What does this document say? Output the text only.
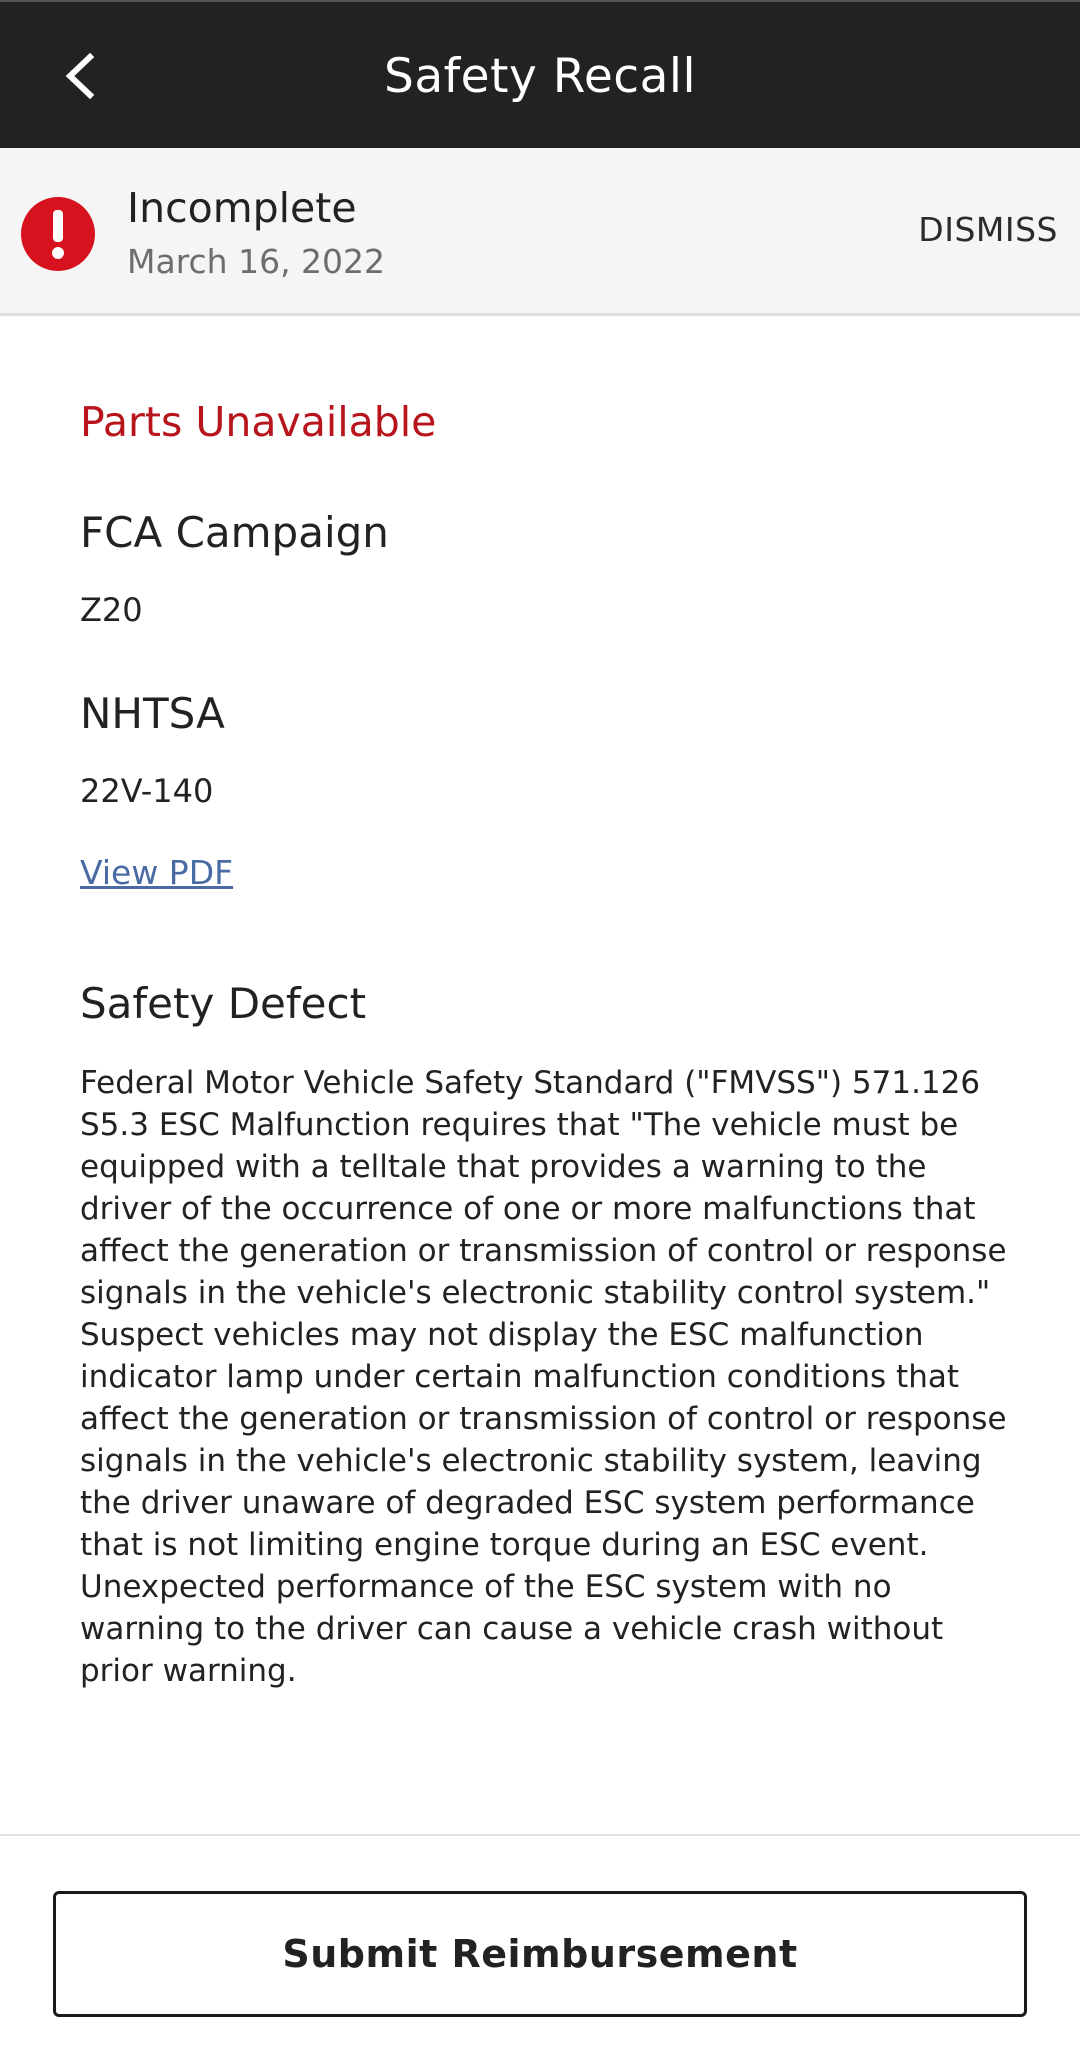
Safety Recall
Incomplete
March 16, 2022
DISMISS
Parts Unavailable
FCA Campaign
Z20
NHTSA
22V-140
View PDF
Safety Defect

Federal Motor Vehicle Safety Standard ("FMVSS") 571.126 S5.3 ESC Malfunction requires that "The vehicle must be equipped with a telltale that provides a warning to the driver of the occurrence of one or more malfunctions that affect the generation or transmission of control or response signals in the vehicle's electronic stability control system." Suspect vehicles may not display the ESC malfunction indicator lamp under certain malfunction conditions that affect the generation or transmission of control or response signals in the vehicle's electronic stability system, leaving the driver unaware of degraded ESC system performance that is not limiting engine torque during an ESC event. Unexpected performance of the ESC system with no warning to the driver can cause a vehicle crash without prior warning.

Submit Reimbursement
